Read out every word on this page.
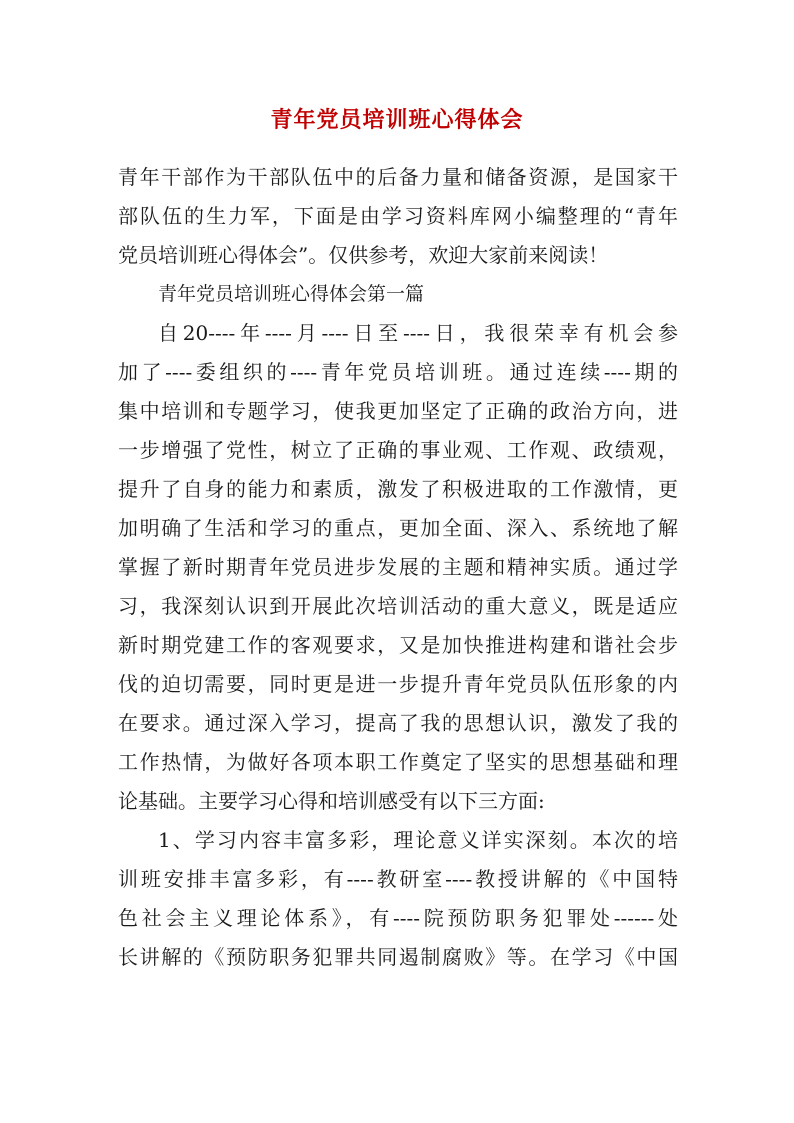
青年党员培训班心得体会
青年干部作为干部队伍中的后备力量和储备资源，是国家干
部队伍的生力军，下面是由学习资料库网小编整理的“青年
党员培训班心得体会”。仅供参考，欢迎大家前来阅读！
青年党员培训班心得体会第一篇
自20----年----月----日至----日，我很荣幸有机会参
加了----委组织的----青年党员培训班。通过连续----期的
集中培训和专题学习，使我更加坚定了正确的政治方向，进
一步增强了党性，树立了正确的事业观、工作观、政绩观，
提升了自身的能力和素质，激发了积极进取的工作激情，更
加明确了生活和学习的重点，更加全面、深入、系统地了解
掌握了新时期青年党员进步发展的主题和精神实质。通过学
习，我深刻认识到开展此次培训活动的重大意义，既是适应
新时期党建工作的客观要求，又是加快推进构建和谐社会步
伐的迫切需要，同时更是进一步提升青年党员队伍形象的内
在要求。通过深入学习，提高了我的思想认识，激发了我的
工作热情，为做好各项本职工作奠定了坚实的思想基础和理
论基础。主要学习心得和培训感受有以下三方面:
1、学习内容丰富多彩，理论意义详实深刻。本次的培
训班安排丰富多彩，有----教研室----教授讲解的《中国特
色社会主义理论体系》，有----院预防职务犯罪处------处
长讲解的《预防职务犯罪共同遏制腐败》等。在学习《中国
